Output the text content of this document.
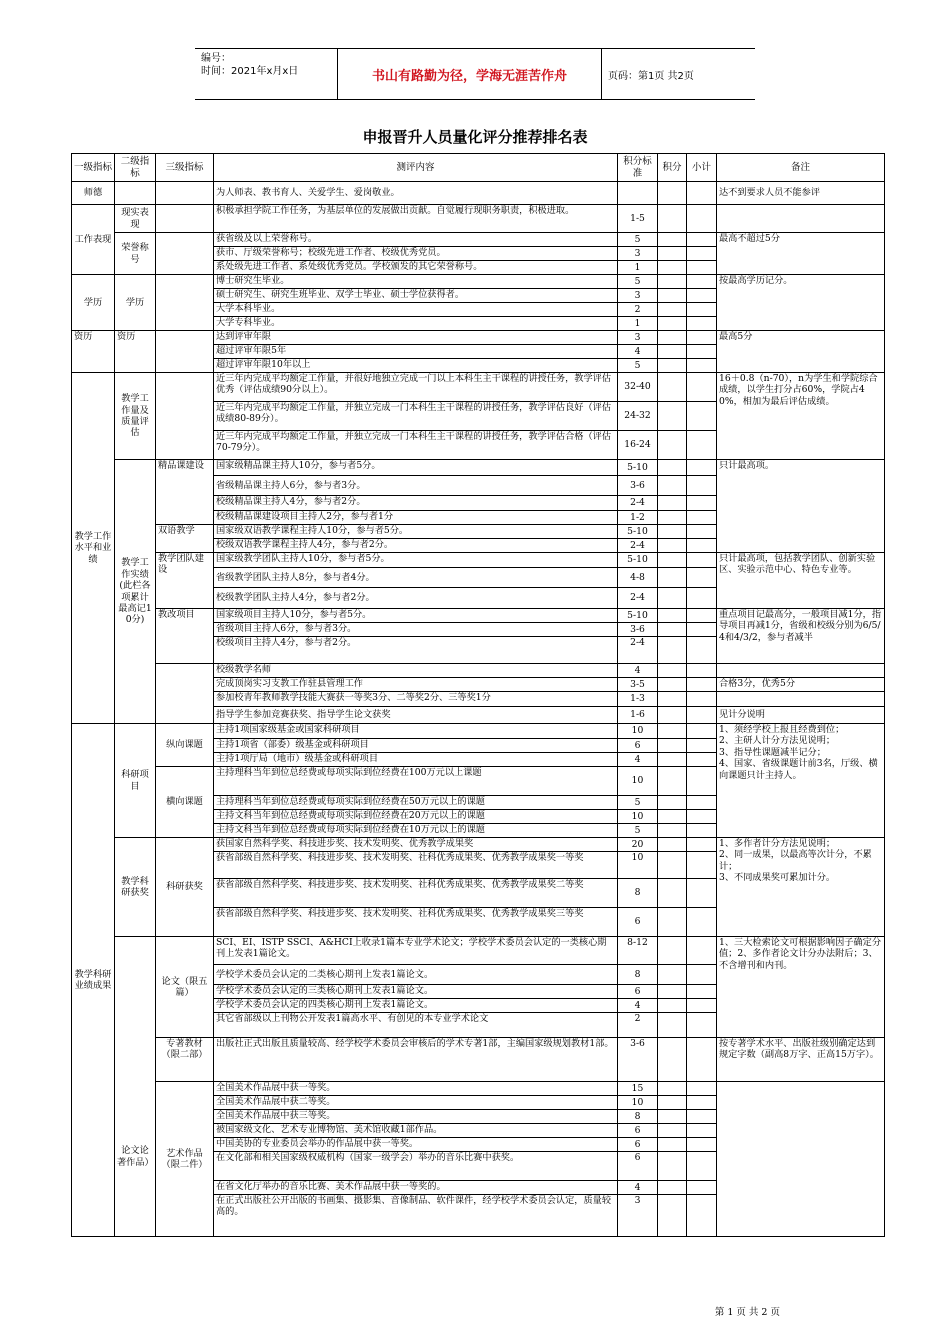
编号：
时间：2021年x月x日	书山有路勤为径，学海无涯苦作舟	页码：第1页 共2页
申报晋升人员量化评分推荐排名表
一级指标	二级指标	三级指标	测评内容	积分标准	积分	小计	备注
师德			为人师表、教书育人、关爱学生、爱岗敬业。				达不到要求人员不能参评
工作表现	现实表现		积极承担学院工作任务，为基层单位的发展做出贡献。自觉履行现职务职责，积极进取。	1-5			
	荣誉称号		获省级及以上荣誉称号。	5			最高不超过5分
			获市、厅级荣誉称号；校级先进工作者、校级优秀党员。	3			
			系处级先进工作者、系处级优秀党员。学校颁发的其它荣誉称号。	1			
学历	学历		博士研究生毕业。	5			按最高学历记分。
			硕士研究生、研究生班毕业、双学士毕业、硕士学位获得者。	3			
			大学本科毕业。	2			
			大学专科毕业。	1			
资历	资历		达到评审年限	3			最高5分
			超过评审年限5年	4			
			超过评审年限10年以上	5			
教学工作水平和业绩	教学工作量及质量评估		近三年内完成平均额定工作量，并很好地独立完成一门以上本科生主干课程的讲授任务，教学评估优秀（评估成绩90分以上）。	32-40			16＋0.8（n-70），n为学生和学院综合成绩，以学生打分占60%，学院占40%，相加为最后评估成绩。
			近三年内完成平均额定工作量，并独立完成一门本科生主干课程的讲授任务，教学评估良好（评估成绩80-89分）。	24-32			
			近三年内完成平均额定工作量，并独立完成一门本科生主干课程的讲授任务，教学评估合格（评估70-79分）。	16-24			
	教学工作实绩(此栏各项累计最高记10分)	精品课建设	国家级精品课主持人10分，参与者5分。	5-10			只计最高项。
			省级精品课主持人6分，参与者3分。	3-6			
			校级精品课主持人4分，参与者2分。	2-4			
			校级精品课建设项目主持人2分，参与者1分	1-2			
		双语教学	国家级双语教学课程主持人10分，参与者5分。	5-10			
			校级双语教学课程主持人4分，参与者2分。	2-4			
		教学团队建设	国家级教学团队主持人10分，参与者5分。	5-10			只计最高项，包括教学团队、创新实验区、实验示范中心、特色专业等。
			省级教学团队主持人8分，参与者4分。	4-8			
			校级教学团队主持人4分，参与者2分。	2-4			
		教改项目	国家级项目主持人10分，参与者5分。	5-10			重点项目记最高分，一般项目减1分，指导项目再减1分，省级和校级分别为6/5/4和4/3/2，参与者减半
			省级项目主持人6分，参与者3分。	3-6			
			校级项目主持人4分，参与者2分。	2-4			
			校级教学名师	4			
			完成顶岗实习支教工作驻县管理工作	3-5			合格3分，优秀5分
			参加校青年教师教学技能大赛获一等奖3分、二等奖2分、三等奖1分	1-3			
			指导学生参加竞赛获奖、指导学生论文获奖	1-6			见计分说明
教学科研业绩成果	科研项目	纵向课题	主持1项国家级基金或国家科研项目	10			1、须经学校上报且经费到位；
2、主研人计分方法见说明；
3、指导性课题减半记分；
4、国家、省级课题计前3名，厅级、横向课题只计主持人。
			主持1项省（部委）级基金或科研项目	6			
			主持1项厅局（地市）级基金或科研项目	4			
		横向课题	主持理科当年到位总经费或每项实际到位经费在100万元以上课题	10			
			主持理科当年到位总经费或每项实际到位经费在50万元以上的课题	5			
			主持文科当年到位总经费或每项实际到位经费在20万元以上的课题	10			
			主持文科当年到位总经费或每项实际到位经费在10万元以上的课题	5			
	教学科研获奖	科研获奖	获国家自然科学奖、科技进步奖、技术发明奖、优秀教学成果奖	20			1、多作者计分方法见说明；
2、同一成果，以最高等次计分，不累计；
3、不同成果奖可累加计分。
			获省部级自然科学奖、科技进步奖、技术发明奖、社科优秀成果奖、优秀教学成果奖一等奖	10			
			获省部级自然科学奖、科技进步奖、技术发明奖、社科优秀成果奖、优秀教学成果奖二等奖	8			
			获省部级自然科学奖、科技进步奖、技术发明奖、社科优秀成果奖、优秀教学成果奖三等奖	6			
	论文论著作品）	论文（限五篇）	SCI、EI、ISTP SSCI、A&HCI上收录1篇本专业学术论文；学校学术委员会认定的一类核心期刊上发表1篇论文。	8-12			1、三大检索论文可根据影响因子确定分值；2、多作者论文计分办法附后；3、不含增刊和内刊。
			学校学术委员会认定的二类核心期刊上发表1篇论文。	8			
			学校学术委员会认定的三类核心期刊上发表1篇论文。	6			
			学校学术委员会认定的四类核心期刊上发表1篇论文。	4			
			其它省部级以上刊物公开发表1篇高水平、有创见的本专业学术论文	2			
		专著教材（限二部）	出版社正式出版且质量较高、经学校学术委员会审核后的学术专著1部，主编国家级规划教材1部。	3-6			按专著学术水平、出版社级别确定达到规定字数（副高8万字、正高15万字）。
		艺术作品（限二件）	全国美术作品展中获一等奖。	15			
			全国美术作品展中获二等奖。	10			
			全国美术作品展中获三等奖。	8			
			被国家级文化、艺术专业博物馆、美术馆收藏1部作品。	6			
			中国美协的专业委员会举办的作品展中获一等奖。	6			
			在文化部和相关国家级权威机构（国家一级学会）举办的音乐比赛中获奖。	6			
			在省文化厅举办的音乐比赛、美术作品展中获一等奖的。	4			
			在正式出版社公开出版的书画集、摄影集、音像制品、软件课件，经学校学术委员会认定，质量较高的。	3			
第 1 页 共 2 页
